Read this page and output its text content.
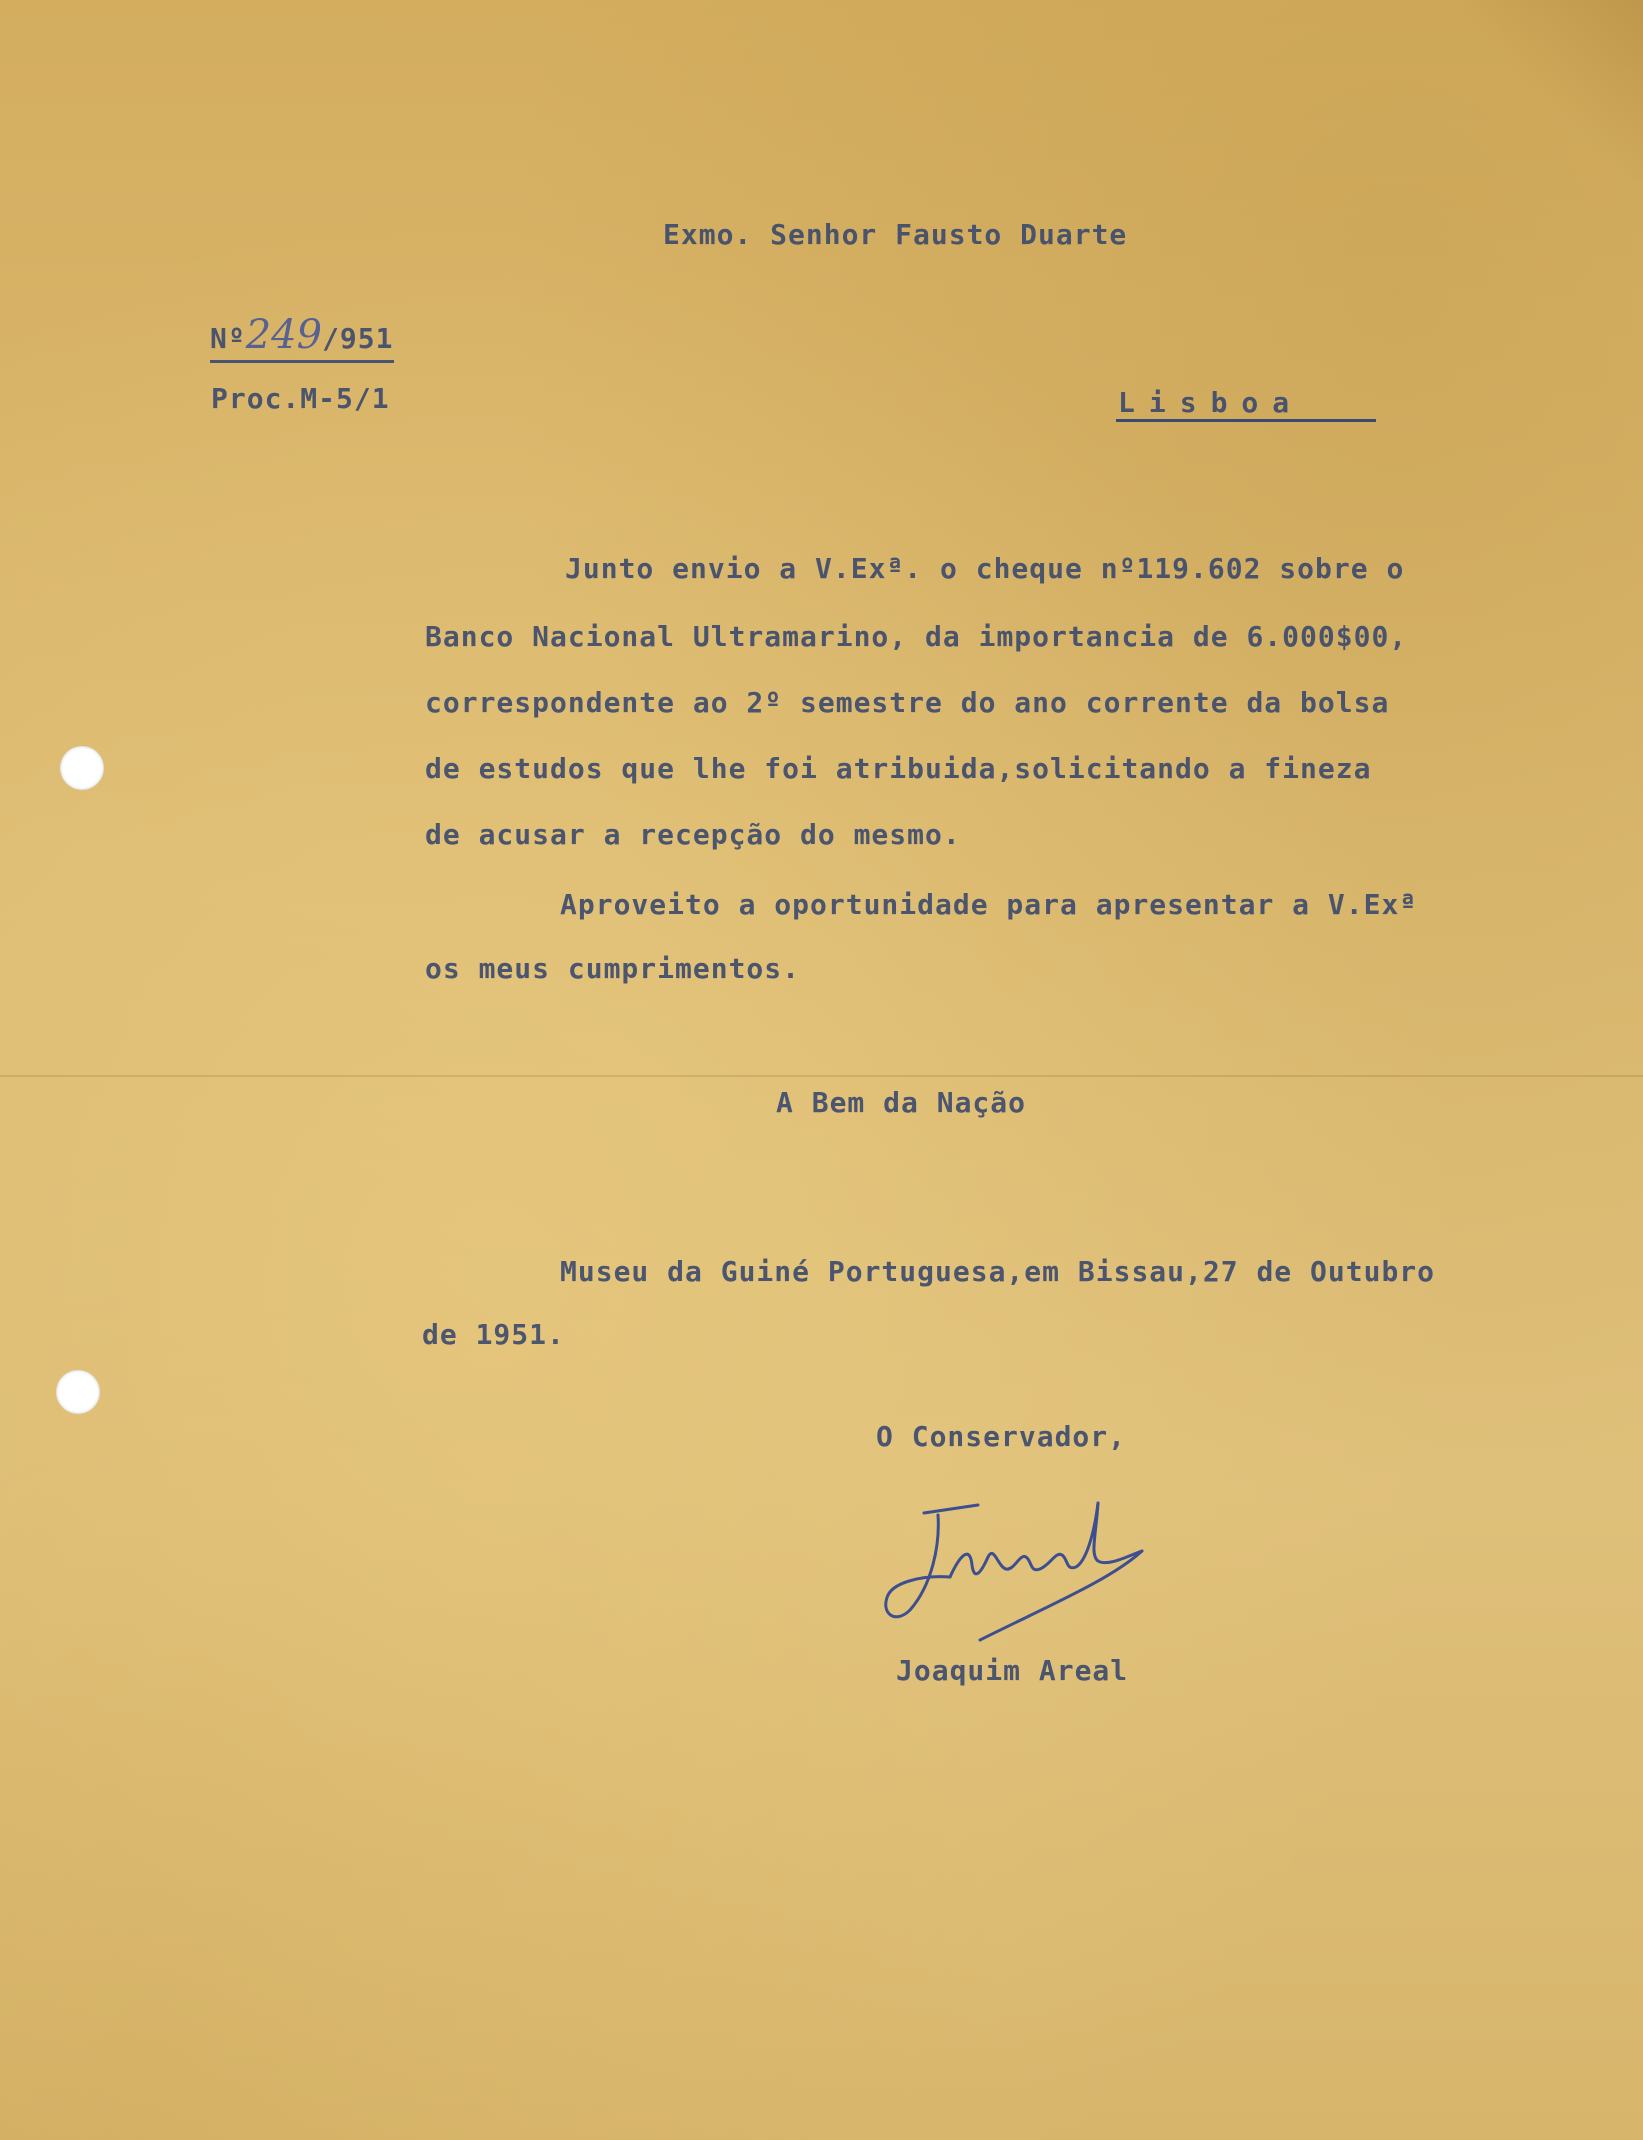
Exmo. Senhor Fausto Duarte
Nº249/951
Proc.M-5/1	Lisboa
Junto envio a V.Exª. o cheque nº119.602 sobre o
Banco Nacional Ultramarino, da importancia de 6.000$00,
correspondente ao 2º semestre do ano corrente da bolsa
de estudos que lhe foi atribuida,solicitando a fineza
de acusar a recepção do mesmo.
Aproveito a oportunidade para apresentar a V.Exª
os meus cumprimentos.
A Bem da Nação
Museu da Guiné Portuguesa,em Bissau,27 de Outubro
de 1951.
O Conservador,
Joaquim Areal
